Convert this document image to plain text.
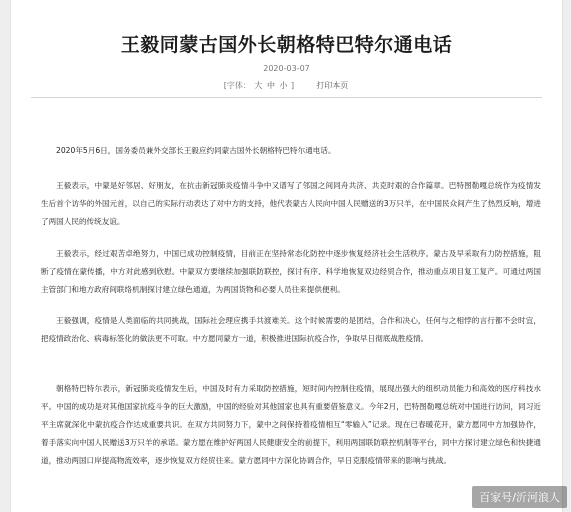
王毅同蒙古国外长朝格特巴特尔通电话
2020-03-07
[字体： 大 中 小 ]	打印本页

2020年5月6日，国务委员兼外交部长王毅应约同蒙古国外长朝格特巴特尔通电话。

王毅表示，中蒙是好邻居、好朋友，在抗击新冠肺炎疫情斗争中又谱写了邻国之间同舟共济、共克时艰的合作篇章。巴特图勒嘎总统作为疫情发生后首个访华的外国元首，以自己的实际行动表达了对中方的支持，他代表蒙古人民向中国人民赠送的3万只羊，在中国民众间产生了热烈反响，增进了两国人民的传统友谊。

王毅表示，经过艰苦卓绝努力，中国已成功控制疫情，目前正在坚持常态化防控中逐步恢复经济社会生活秩序。蒙古及早采取有力防控措施，阻断了疫情在蒙传播，中方对此感到欣慰。中蒙双方要继续加强联防联控，探讨有序、科学地恢复双边经贸合作，推动重点项目复工复产。可通过两国主管部门和地方政府间联络机制探讨建立绿色通道，为两国货物和必要人员往来提供便利。

王毅强调，疫情是人类面临的共同挑战，国际社会理应携手共渡难关。这个时候需要的是团结，合作和决心，任何与之相悖的言行都不会时宜，把疫情政治化、病毒标签化的做法更不可取。中方愿同蒙方一道，积极推进国际抗疫合作，争取早日彻底战胜疫情。

朝格特巴特尔表示，新冠肺炎疫情发生后，中国及时有力采取防控措施，短时间内控制住疫情，展现出强大的组织动员能力和高效的医疗科技水平。中国的成功是对其他国家抗疫斗争的巨大激励，中国的经验对其他国家也具有重要借鉴意义。今年2月，巴特图勒嘎总统对中国进行访问，同习近平主席就深化中蒙抗疫合作达成重要共识。在双方共同努力下，蒙中之间保持着疫情相互“零输入”记录。现在已春暖花开，蒙方愿同中方加强协作，着手落实向中国人民赠送3万只羊的承诺。蒙方愿在维护好两国人民健康安全的前提下，利用两国联防联控机制等平台，同中方探讨建立绿色和快捷通道，推动两国口岸提高物流效率，逐步恢复双方经贸往来。蒙方愿同中方深化协调合作，早日克服疫情带来的影响与挑战。

百家号/沂河浪人
